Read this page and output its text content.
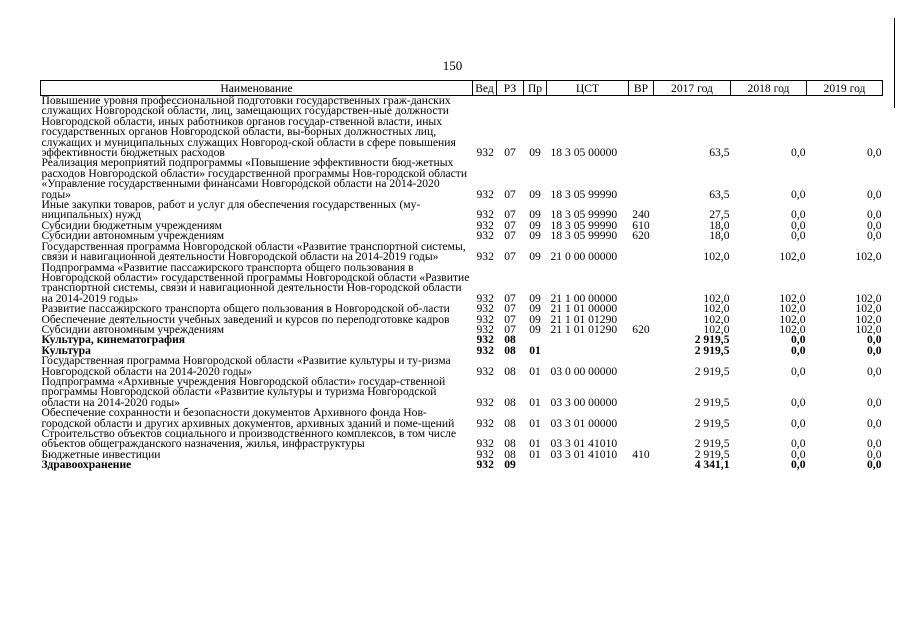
150
Наименование	Вед	РЗ	Пр	ЦСТ	ВР	2017 год	2018 год	2019 год
Повышение уровня профессиональной подготовки государственных граж-данских служащих Новгородской области, лиц, замещающих государствен-ные должности Новгородской области, иных работников органов государ-ственной власти, иных государственных органов Новгородской области, вы-борных должностных лиц, служащих и муниципальных служащих Новгород-ской области в сфере повышения эффективности бюджетных расходов	932	07	09	18 3 05 00000		63,5	0,0	0,0
Реализация мероприятий подпрограммы «Повышение эффективности бюд-жетных расходов Новгородской области» государственной программы Нов-городской области «Управление государственными финансами Новгородской области на 2014-2020 годы»	932	07	09	18 3 05 99990		63,5	0,0	0,0
Иные закупки товаров, работ и услуг для обеспечения государственных (му-ниципальных) нужд	932	07	09	18 3 05 99990	240	27,5	0,0	0,0
Субсидии бюджетным учреждениям	932	07	09	18 3 05 99990	610	18,0	0,0	0,0
Субсидии автономным учреждениям	932	07	09	18 3 05 99990	620	18,0	0,0	0,0
Государственная программа Новгородской области «Развитие транспортной системы, связи и навигационной деятельности Новгородской области на 2014-2019 годы»	932	07	09	21 0 00 00000		102,0	102,0	102,0
Подпрограмма «Развитие пассажирского транспорта общего пользования в Новгородской области» государственной программы Новгородской области «Развитие транспортной системы, связи и навигационной деятельности Нов-городской области на 2014-2019 годы»	932	07	09	21 1 00 00000		102,0	102,0	102,0
Развитие пассажирского транспорта общего пользования в Новгородской об-ласти	932	07	09	21 1 01 00000		102,0	102,0	102,0
Обеспечение деятельности учебных заведений и курсов по переподготовке кадров	932	07	09	21 1 01 01290		102,0	102,0	102,0
Субсидии автономным учреждениям	932	07	09	21 1 01 01290	620	102,0	102,0	102,0
Культура, кинематография	932	08				2 919,5	0,0	0,0
Культура	932	08	01			2 919,5	0,0	0,0
Государственная программа Новгородской области «Развитие культуры и ту-ризма Новгородской области на 2014-2020 годы»	932	08	01	03 0 00 00000		2 919,5	0,0	0,0
Подпрограмма «Архивные учреждения Новгородской области» государ-ственной программы Новгородской области «Развитие культуры и туризма Новгородской области на 2014-2020 годы»	932	08	01	03 3 00 00000		2 919,5	0,0	0,0
Обеспечение сохранности и безопасности документов Архивного фонда Нов-городской области и других архивных документов, архивных зданий и поме-щений	932	08	01	03 3 01 00000		2 919,5	0,0	0,0
Строительство объектов социального и производственного комплексов, в том числе объектов общегражданского назначения, жилья, инфраструктуры	932	08	01	03 3 01 41010		2 919,5	0,0	0,0
Бюджетные инвестиции	932	08	01	03 3 01 41010	410	2 919,5	0,0	0,0
Здравоохранение	932	09				4 341,1	0,0	0,0
